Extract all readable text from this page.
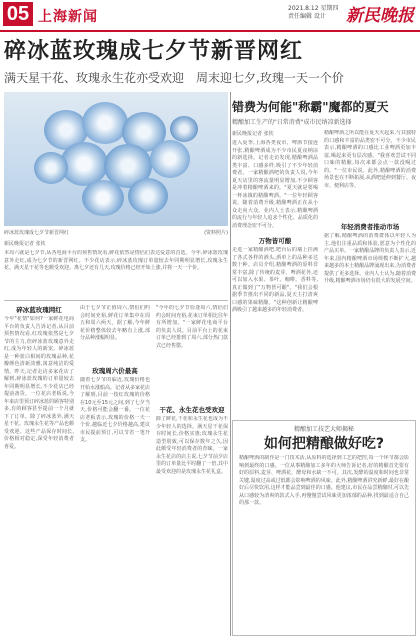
05 上海新闻
2021.8.12 星期四
责任编辑 设计 新民晚报
碎冰蓝玫瑰成七夕节新晋网红
满天星干花、玫瑰永生花亦受欢迎　周末迎七夕,玫瑰一天一个价
碎冰蓝玫瑰成七夕节新晋网红	(资料照片)
新民晚报记者 张钦
本周六就是七夕节,从各电商平台的预售情况看,鲜花依然是情侣们表达爱意的首选。今年,碎冰蓝玫瑰意外走红,成为七夕节的新晋网红。不少花店表示,碎冰蓝玫瑰订单量较去年同期明显增长,玫瑰永生花、满天星干花等也颇受欢迎。离七夕还有几天,玫瑰价格已经开始上涨,并将一天一个价。
碎冰蓝玫瑰网红
今年"花情"如何?一家鲜花电商平台的负责人告诉记者,从目前预售情况看,红玫瑰依然是七夕节的主力,但碎冰蓝玫瑰意外走红,成为年轻人的新宠。碎冰蓝是一种蓝白相间的玫瑰品种,花瓣颜色清新淡雅,寓意纯洁的爱情。昨天,记者走访多家花店了解到,碎冰蓝玫瑰的订单量较去年同期明显增长,不少花店已经提前备货。一位花店老板说,今年来店里预订碎冰蓝的顾客特别多,有的顾客甚至提前一个月就下了订单。除了碎冰蓝外,满天星干花、玫瑰永生花等产品也颇受欢迎。这些产品保存时间长,价格相对稳定,深受年轻消费者喜爱。
由于七夕节正值周六,情侣们约会时间充裕,鲜花订单集中在周五和周六两天。据了解,今年鲜花价格整体较去年略有上涨,部分品种涨幅明显。
玫瑰周六价最高
随着七夕节的临近,玫瑰价格也开始水涨船高。记者从多家花店了解到,目前一枝红玫瑰的价格在10元至15元之间,到了七夕当天,价格可能会翻一番。一位花店老板表示,玫瑰的价格一天一个价,越临近七夕价格越高,建议市民提前预订,可以节省一笔开支。
"今年的七夕节恰逢周六,情侣们约会时间充裕,花束订单相比往年有所增加。"一家鲜花电商平台的负责人说。目前平台上的花束订单已经排到了周六,部分热门款式已经售罄。
干花、永生花也受欢迎
除了鲜花,干花和永生花也成为不少年轻人的选择。满天星干花保存时间长,价格实惠;玫瑰永生花造型别致,可以保存数年之久,因此颇受年轻消费者的青睐。一家永生花店的店主说,七夕节前夕店里的订单量比平时翻了一倍,其中最受欢迎的是玫瑰永生花礼盒。
错费为何能"称霸"魔都的夏天
精酿加工生产的"日常消费"成市民纳凉新选择
新民晚报记者 张钦
进入夏季,上海各类夜市、啤酒节接连开张,精酿啤酒成为不少市民夏夜纳凉的新选择。记者走访发现,精酿啤酒品类丰富、口感多样,吸引了不少年轻消费者。一家精酿酒吧的负责人说,今年夏天店里的客流量明显增加,不少顾客是冲着精酿啤酒来的。"夏天就是要喝一杯冰镇的精酿啤酒。"一位年轻顾客说。随着消费升级,精酿啤酒正在从小众走向大众。业内人士表示,精酿啤酒的流行与年轻人追求个性化、品质化的消费理念密不可分。
万物皆可酿
走进一家精酿酒吧,吧台后的墙上挂满了各式各样的酒头,酒单上的品种多达数十种。店员介绍,精酿啤酒的原料非常丰富,除了传统的麦芽、啤酒花外,还可以加入水果、茶叶、咖啡、香料等,真正做到了"万物皆可酿"。"我们会根据季节推出不同的新品,夏天主打清爽口感的果味精酿。"这种创新让精酿啤酒吸引了越来越多的年轻消费者。
精酿啤酒之所以能在夏天火起来,与其独特的口感和丰富的品类密不可分。不少市民表示,精酿啤酒的口感比工业啤酒更加丰富,喝起来更有层次感。"我喜欢尝试不同口味的精酿,每次来都会点一款没喝过的。"一位市民说。此外,精酿啤酒的消费场景也在不断拓展,从酒吧延伸到餐厅、夜市、便利店等。
年轻消费者推动市场
据了解,精酿啤酒的消费群体以年轻人为主,他们注重品质和体验,愿意为个性化的产品买单。一家精酿品牌的负责人表示,近年来,国内精酿啤酒市场规模不断扩大,越来越多的本土精酿品牌涌现出来,为消费者提供了更多选择。业内人士认为,随着消费升级,精酿啤酒市场仍有很大的发展空间。
精酿加工技艺大师揭秘
如何把精酿做好吃?
精酿啤酒的制作是一门技术活,从原料的选择到工艺的把控,每一个环节都会影响到最终的口感。一位从事精酿加工多年的大师告诉记者,好的精酿首先要有好的原料,麦芽、啤酒花、酵母和水缺一不可。其次,发酵的温度和时间也非常关键,温度过高或过低都会影响啤酒的风味。此外,精酿啤酒讲究新鲜,最好在酿好后尽快饮用,这样才能品尝到最佳的口感。他建议,市民在品尝精酿时,可以先从口感较为清爽的款式入手,再慢慢尝试风味更加浓郁的品种,找到最适合自己的那一款。
